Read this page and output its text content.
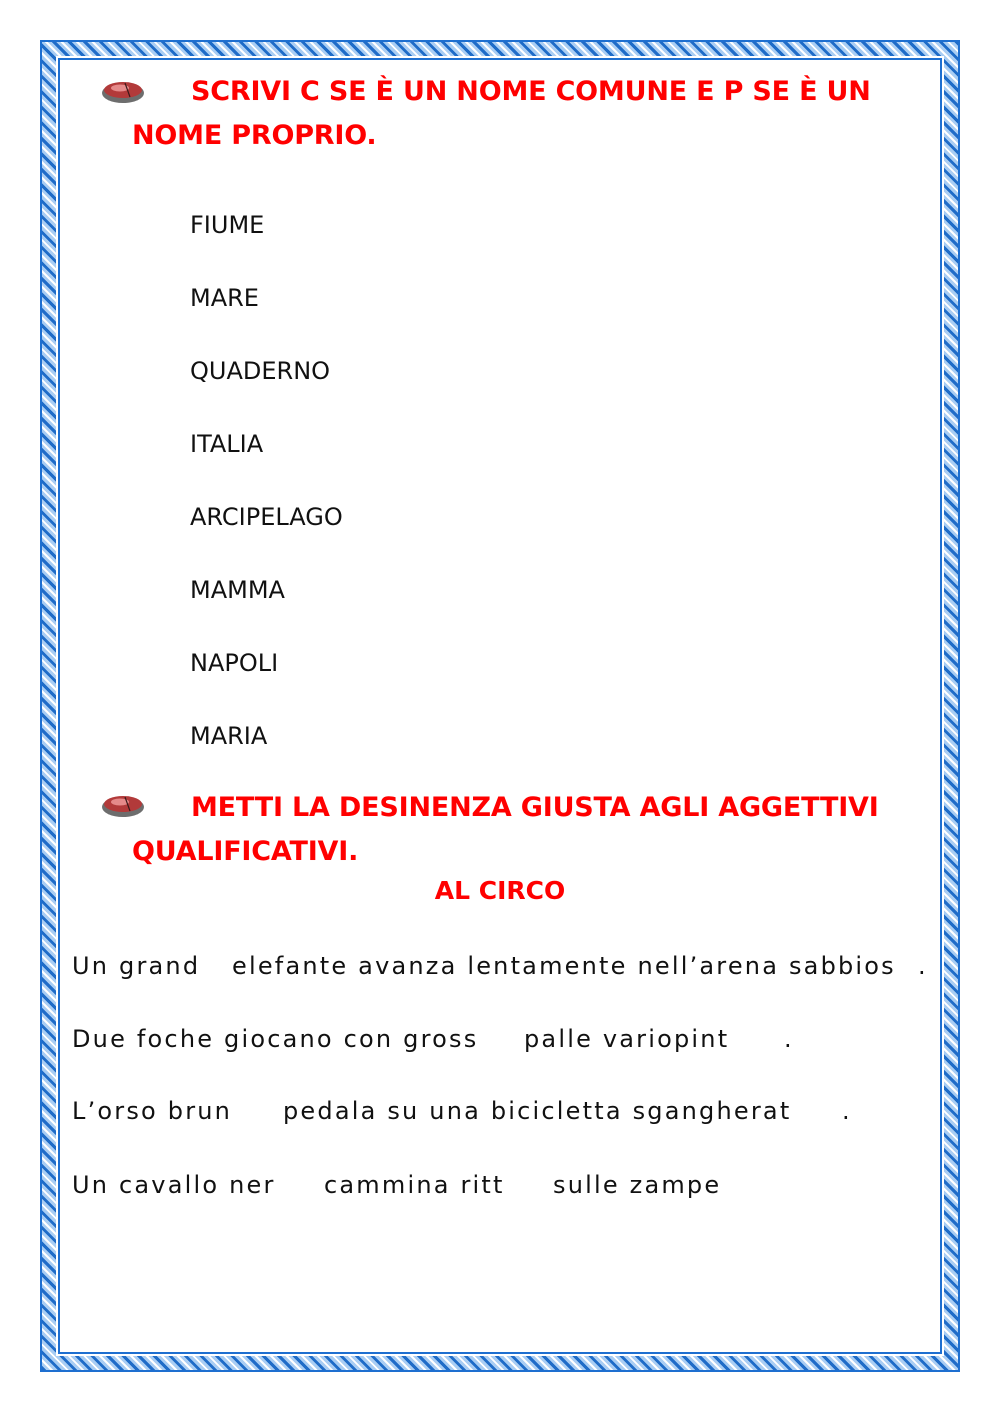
SCRIVI C SE È UN NOME COMUNE E P SE È UN
NOME PROPRIO.
FIUME
MARE
QUADERNO
ITALIA
ARCIPELAGO
MAMMA
NAPOLI
MARIA
METTI LA DESINENZA GIUSTA AGLI AGGETTIVI
QUALIFICATIVI.
AL CIRCO
Un grand elefante avanza lentamente nell’arena sabbios .
Due foche giocano con gross palle variopint .
L’orso brun pedala su una bicicletta sgangherat .
Un cavallo ner cammina ritt sulle zampe
